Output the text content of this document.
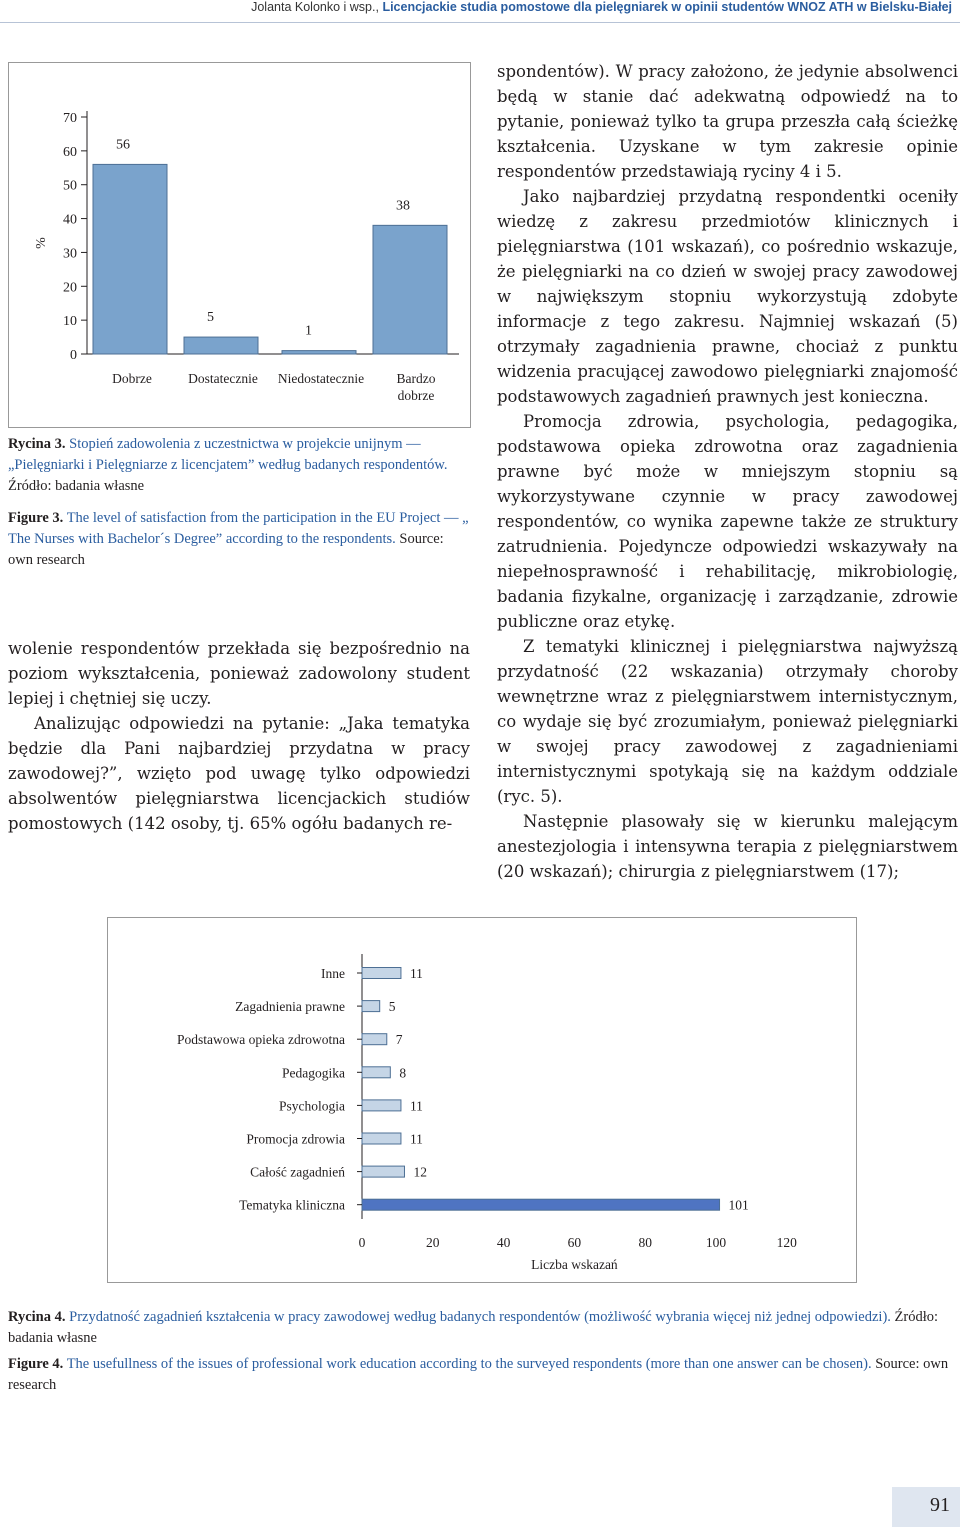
Jolanta Kolonko i wsp., Licencjackie studia pomostowe dla pielęgniarek w opinii studentów WNOZ ATH w Bielsku-Białej
0
10
20
30
40
50
60
70
%
56
5
1
38
Dobrze	Dostatecznie Niedostatecznie Bardzo
dobrze
Rycina 3. Stopień zadowolenia z uczestnictwa w projekcie unijnym — „Pielęgniarki i Pielęgniarze z licencjatem” według badanych respondentów. Źródło: badania własne
Figure 3. The level of satisfaction from the participation in the EU Project — „ The Nurses with Bachelor´s Degree” according to the respondents. Source: own research

wolenie respondentów przekłada się bezpośrednio na poziom wykształcenia, ponieważ zadowolony student lepiej i chętniej się uczy.

Analizując odpowiedzi na pytanie: „Jaka tematyka będzie dla Pani najbardziej przydatna w pracy zawodowej?”, wzięto pod uwagę tylko odpowiedzi absolwentów pielęgniarstwa licencjackich studiów pomostowych (142 osoby, tj. 65% ogółu badanych re-

spondentów). W pracy założono, że jedynie absolwenci będą w stanie dać adekwatną odpowiedź na to pytanie, ponieważ tylko ta grupa przeszła całą ścieżkę kształcenia. Uzyskane w tym zakresie opinie respondentów przedstawiają ryciny 4 i 5.

Jako najbardziej przydatną respondentki oceniły wiedzę z zakresu przedmiotów klinicznych i pielęgniarstwa (101 wskazań), co pośrednio wskazuje, że pielęgniarki na co dzień w swojej pracy zawodowej w największym stopniu wykorzystują zdobyte informacje z tego zakresu. Najmniej wskazań (5) otrzymały zagadnienia prawne, chociaż z punktu widzenia pracującej zawodowo pielęgniarki znajomość podstawowych zagadnień prawnych jest konieczna.

Promocja zdrowia, psychologia, pedagogika, podstawowa opieka zdrowotna oraz zagadnienia prawne być może w mniejszym stopniu są wykorzystywane czynnie w pracy zawodowej respondentów, co wynika zapewne także ze struktury zatrudnienia. Pojedyncze odpowiedzi wskazywały na niepełnosprawność i rehabilitację, mikrobiologię, badania fizykalne, organizację i zarządzanie, zdrowie publiczne oraz etykę.

Z tematyki klinicznej i pielęgniarstwa najwyższą przydatność (22 wskazania) otrzymały choroby wewnętrzne wraz z pielęgniarstwem internistycznym, co wydaje się być zrozumiałym, ponieważ pielęgniarki w swojej pracy zawodowej z zagadnieniami internistycznymi spotykają się na każdym oddziale (ryc. 5).

Następnie plasowały się w kierunku malejącym anestezjologia i intensywna terapia z pielęgniarstwem (20 wskazań); chirurgia z pielęgniarstwem (17);

11
Inne
5
Zagadnienia prawne
7
Podstawowa opieka zdrowotna
8
Pedagogika
11
Psychologia
11
Promocja zdrowia
12
Całość zagadnień
101
Tematyka kliniczna
0	20	40	60	80	100	120
Liczba wskazań
Rycina 4. Przydatność zagadnień kształcenia w pracy zawodowej według badanych respondentów (możliwość wybrania więcej niż jednej odpowiedzi). Źródło: badania własne
Figure 4. The usefullness of the issues of professional work education according to the surveyed respondents (more than one answer can be chosen). Source: own research
91
